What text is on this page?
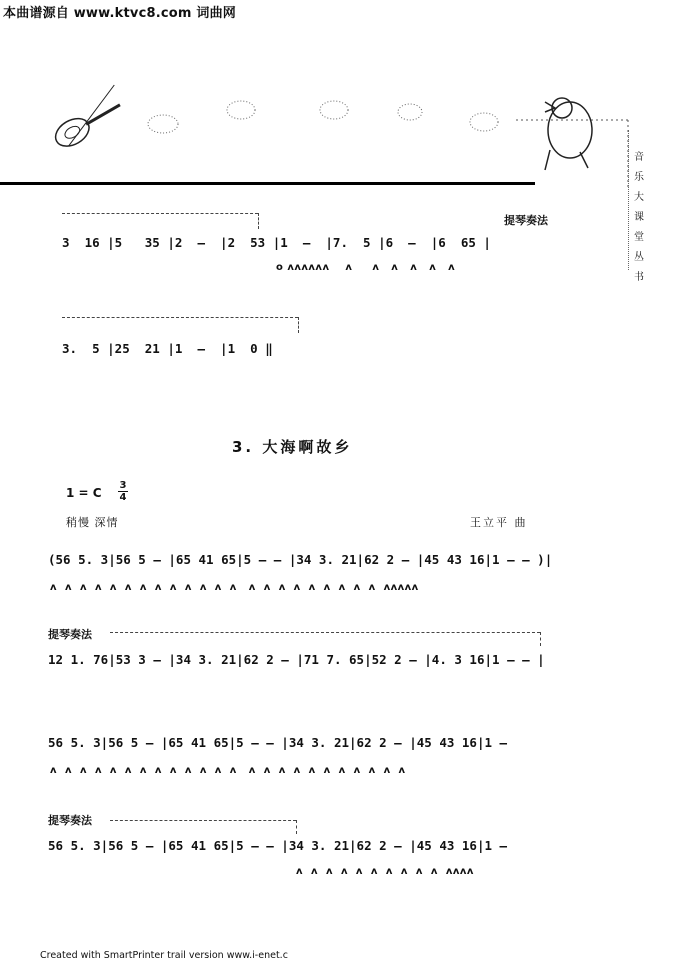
本曲谱源自 www.ktvc8.com 词曲网
音乐大课堂丛书
提琴奏法
3  16 |5   35 |2  –  |2  53 |1  –  |7.  5 |6  –  |6  65 |
o ʌʌʌʌʌʌ    ʌ     ʌ   ʌ   ʌ   ʌ   ʌ
3.  5 |25  21 |1  –  |1  0 ‖
3. 大海啊故乡
1 = C
3
4
稍慢 深情	王立平 曲
(56 5. 3|56 5 – |65 41 65|5 – – |34 3. 21|62 2 – |45 43 16|1 – – )|
ʌ  ʌ  ʌ  ʌ  ʌ  ʌ  ʌ  ʌ  ʌ  ʌ  ʌ  ʌ  ʌ   ʌ  ʌ  ʌ  ʌ  ʌ  ʌ  ʌ  ʌ  ʌ  ʌʌʌʌʌ
提琴奏法
12 1. 76|53 3 – |34 3. 21|62 2 – |71 7. 65|52 2 – |4. 3 16|1 – – |
56 5. 3|56 5 – |65 41 65|5 – – |34 3. 21|62 2 – |45 43 16|1 –
ʌ  ʌ  ʌ  ʌ  ʌ  ʌ  ʌ  ʌ  ʌ  ʌ  ʌ  ʌ  ʌ   ʌ  ʌ  ʌ  ʌ  ʌ  ʌ  ʌ  ʌ  ʌ  ʌ  ʌ
提琴奏法
56 5. 3|56 5 – |65 41 65|5 – – |34 3. 21|62 2 – |45 43 16|1 –
ʌ  ʌ  ʌ  ʌ  ʌ  ʌ  ʌ  ʌ  ʌ  ʌ  ʌʌʌʌ
Created with SmartPrinter trail version www.i-enet.c
